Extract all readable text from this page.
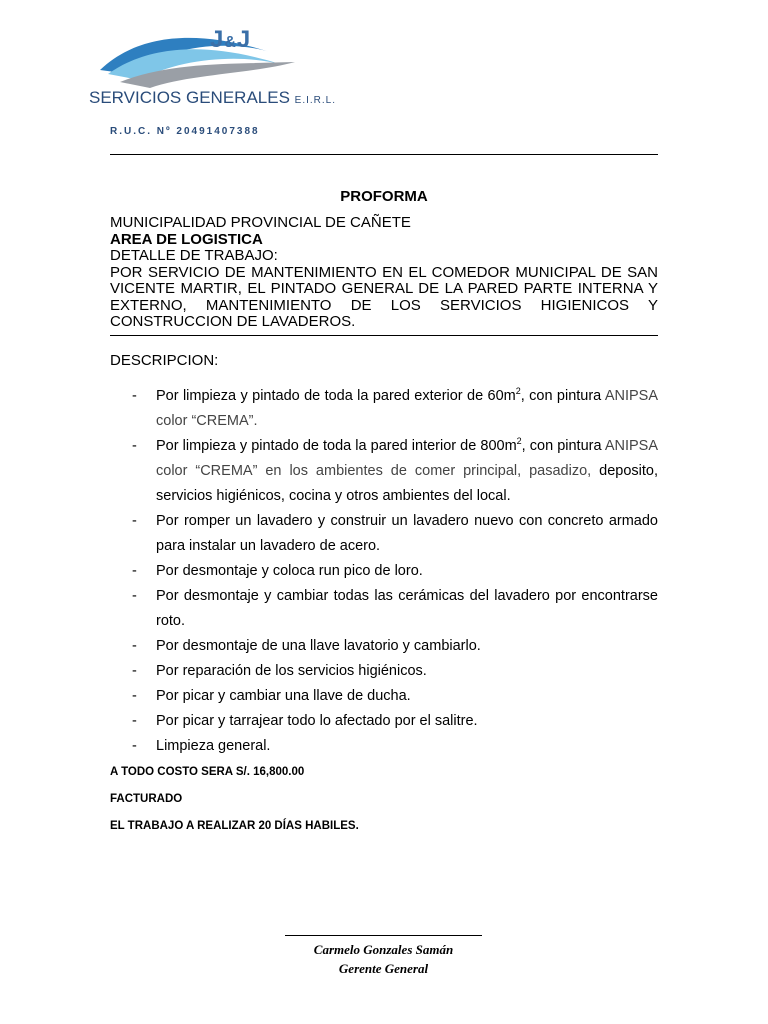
J&J
SERVICIOS GENERALES E.I.R.L.
R.U.C. Nº 20491407388
PROFORMA
MUNICIPALIDAD PROVINCIAL DE CAÑETE
AREA DE LOGISTICA
DETALLE DE TRABAJO:
POR SERVICIO DE MANTENIMIENTO EN EL COMEDOR MUNICIPAL DE SAN VICENTE MARTIR, EL PINTADO GENERAL DE LA PARED PARTE INTERNA Y EXTERNO, MANTENIMIENTO DE LOS SERVICIOS HIGIENICOS Y CONSTRUCCION DE LAVADEROS.
DESCRIPCION:
- Por limpieza y pintado de toda la pared exterior de $60m^2$, con pintura ANIPSA color “CREMA”.
- Por limpieza y pintado de toda la pared interior de $800m^2$, con pintura ANIPSA color “CREMA” en los ambientes de comer principal, pasadizo, deposito, servicios higiénicos, cocina y otros ambientes del local.
- Por romper un lavadero y construir un lavadero nuevo con concreto armado para instalar un lavadero de acero.
- Por desmontaje y coloca run pico de loro.
- Por desmontaje y cambiar todas las cerámicas del lavadero por encontrarse roto.
- Por desmontaje de una llave lavatorio y cambiarlo.
- Por reparación de los servicios higiénicos.
- Por picar y cambiar una llave de ducha.
- Por picar y tarrajear todo lo afectado por el salitre.
- Limpieza general.
A TODO COSTO SERA S/. 16,800.00
FACTURADO
EL TRABAJO A REALIZAR 20 DÍAS HABILES.
Carmelo Gonzales Samán
Gerente General
